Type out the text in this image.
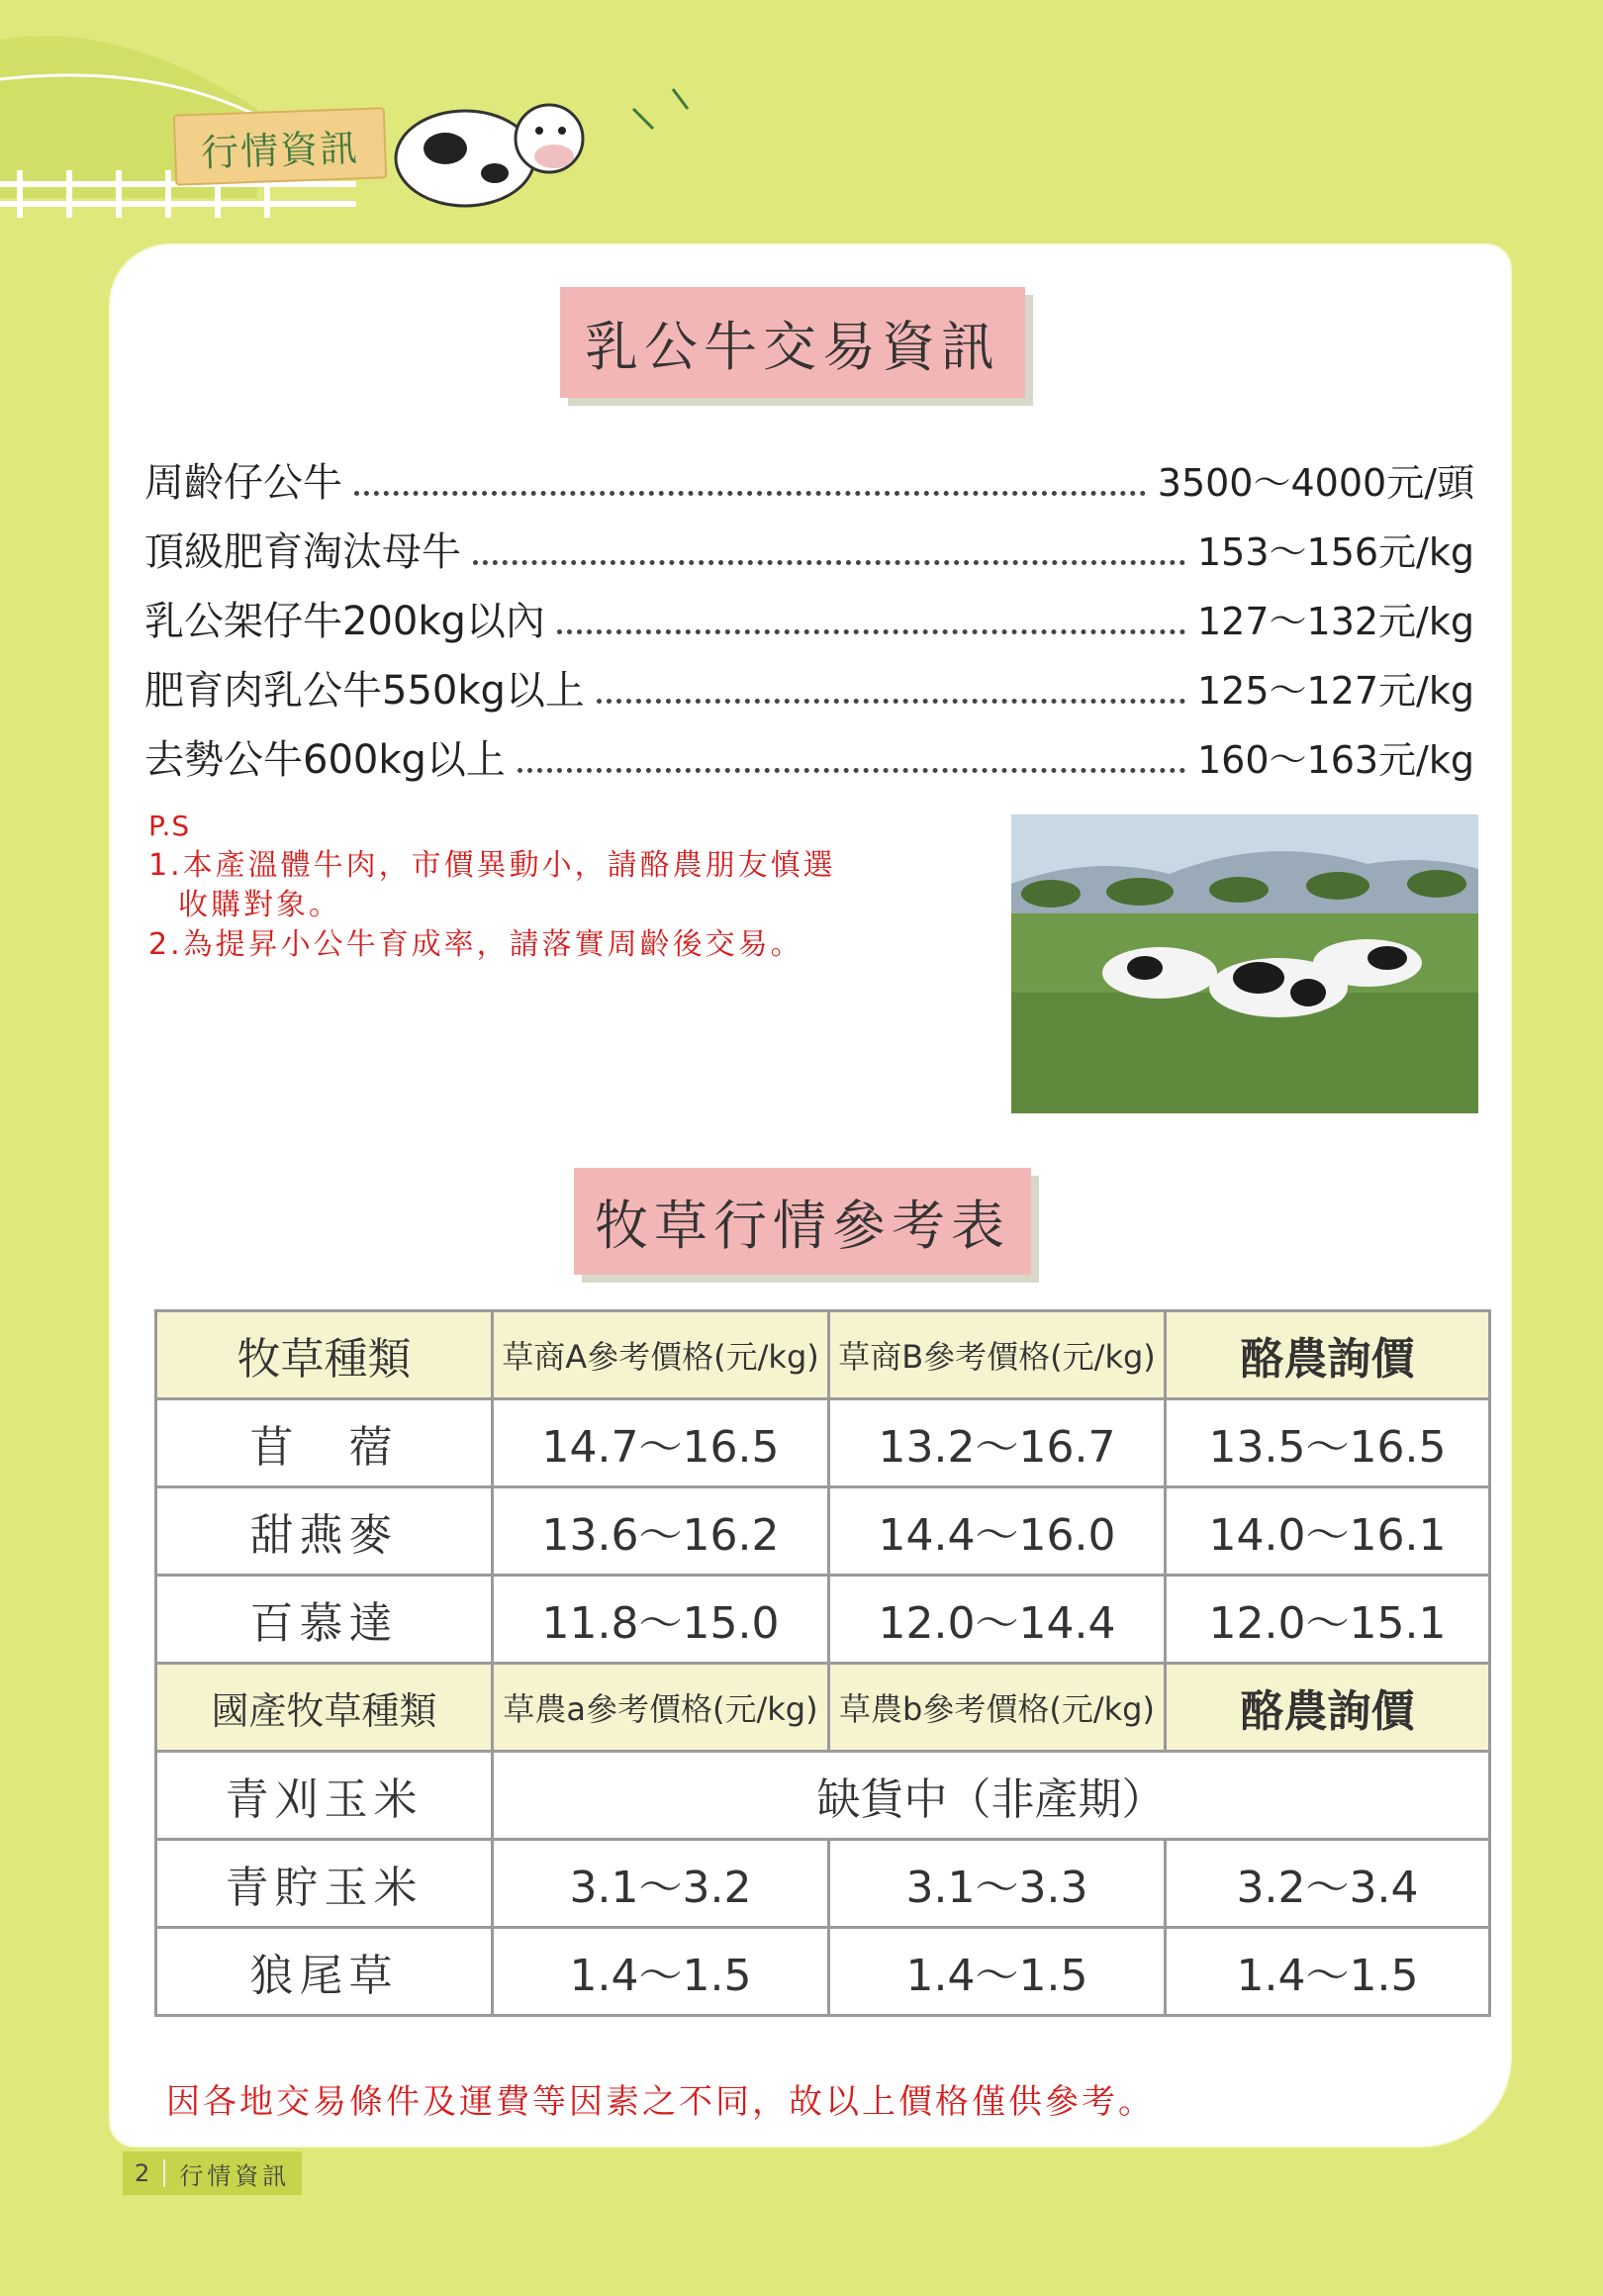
行情資訊
乳公牛交易資訊
周齡仔公牛	3500～4000元/頭
頂級肥育淘汰母牛	153～156元/kg
乳公架仔牛200kg以內	127～132元/kg
肥育肉乳公牛550kg以上	125～127元/kg
去勢公牛600kg以上	160～163元/kg
P.S
1.本產溫體牛肉，市價異動小，請酪農朋友慎選
收購對象。
2.為提昇小公牛育成率，請落實周齡後交易。
牧草行情參考表
牧草種類	草商A參考價格(元/kg)	草商B參考價格(元/kg)	酪農詢價
苜　蓿	14.7～16.5	13.2～16.7	13.5～16.5
甜燕麥	13.6～16.2	14.4～16.0	14.0～16.1
百慕達	11.8～15.0	12.0～14.4	12.0～15.1
國產牧草種類	草農a參考價格(元/kg)	草農b參考價格(元/kg)	酪農詢價
青刈玉米	缺貨中（非產期）		
青貯玉米	3.1～3.2	3.1～3.3	3.2～3.4
狼尾草	1.4～1.5	1.4～1.5	1.4～1.5
因各地交易條件及運費等因素之不同，故以上價格僅供參考。
2	行情資訊
